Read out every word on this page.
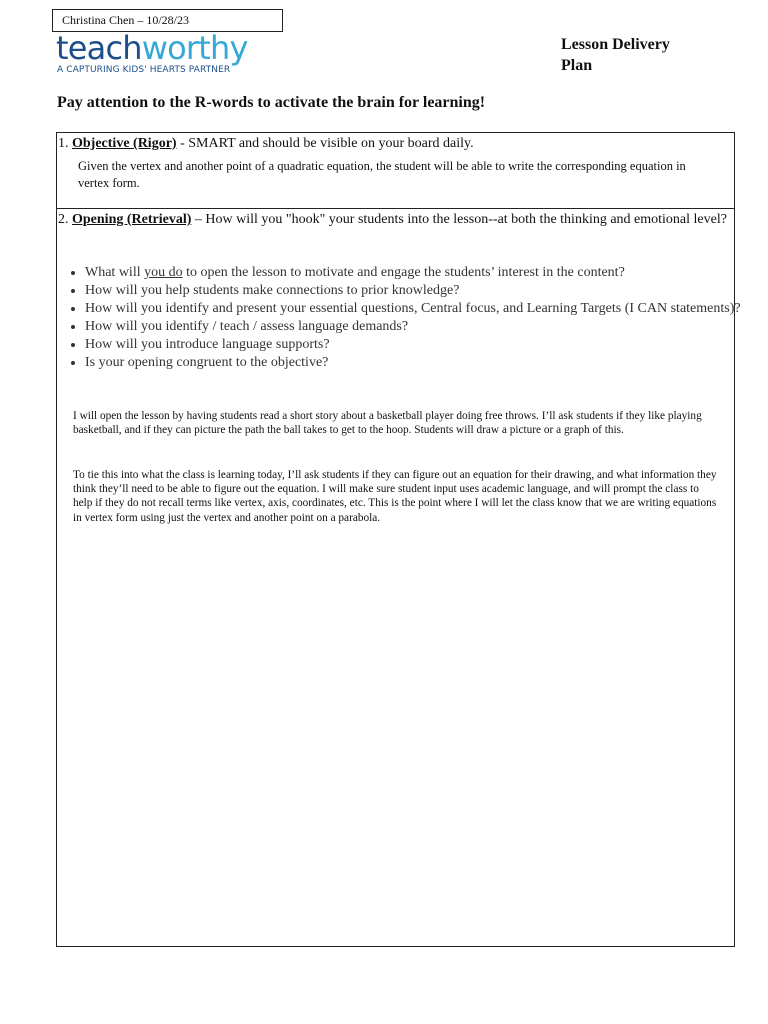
Christina Chen – 10/28/23
teachworthy
A CAPTURING KIDS' HEARTS PARTNER
Lesson Delivery
Plan
Pay attention to the R-words to activate the brain for learning!
1. Objective (Rigor) - SMART and should be visible on your board daily.
Given the vertex and another point of a quadratic equation, the student will be able to write the corresponding equation in vertex form.
2. Opening (Retrieval) – How will you "hook" your students into the lesson--at both the thinking and emotional level?
• What will you do to open the lesson to motivate and engage the students’ interest in the content?
• How will you help students make connections to prior knowledge?
• How will you identify and present your essential questions, Central focus, and Learning Targets (I CAN statements)?
• How will you identify / teach / assess language demands?
• How will you introduce language supports?
• Is your opening congruent to the objective?

I will open the lesson by having students read a short story about a basketball player doing free throws. I’ll ask students if they like playing basketball, and if they can picture the path the ball takes to get to the hoop. Students will draw a picture or a graph of this.

To tie this into what the class is learning today, I’ll ask students if they can figure out an equation for their drawing, and what information they think they’ll need to be able to figure out the equation. I will make sure student input uses academic language, and will prompt the class to help if they do not recall terms like vertex, axis, coordinates, etc. This is the point where I will let the class know that we are writing equations in vertex form using just the vertex and another point on a parabola.
